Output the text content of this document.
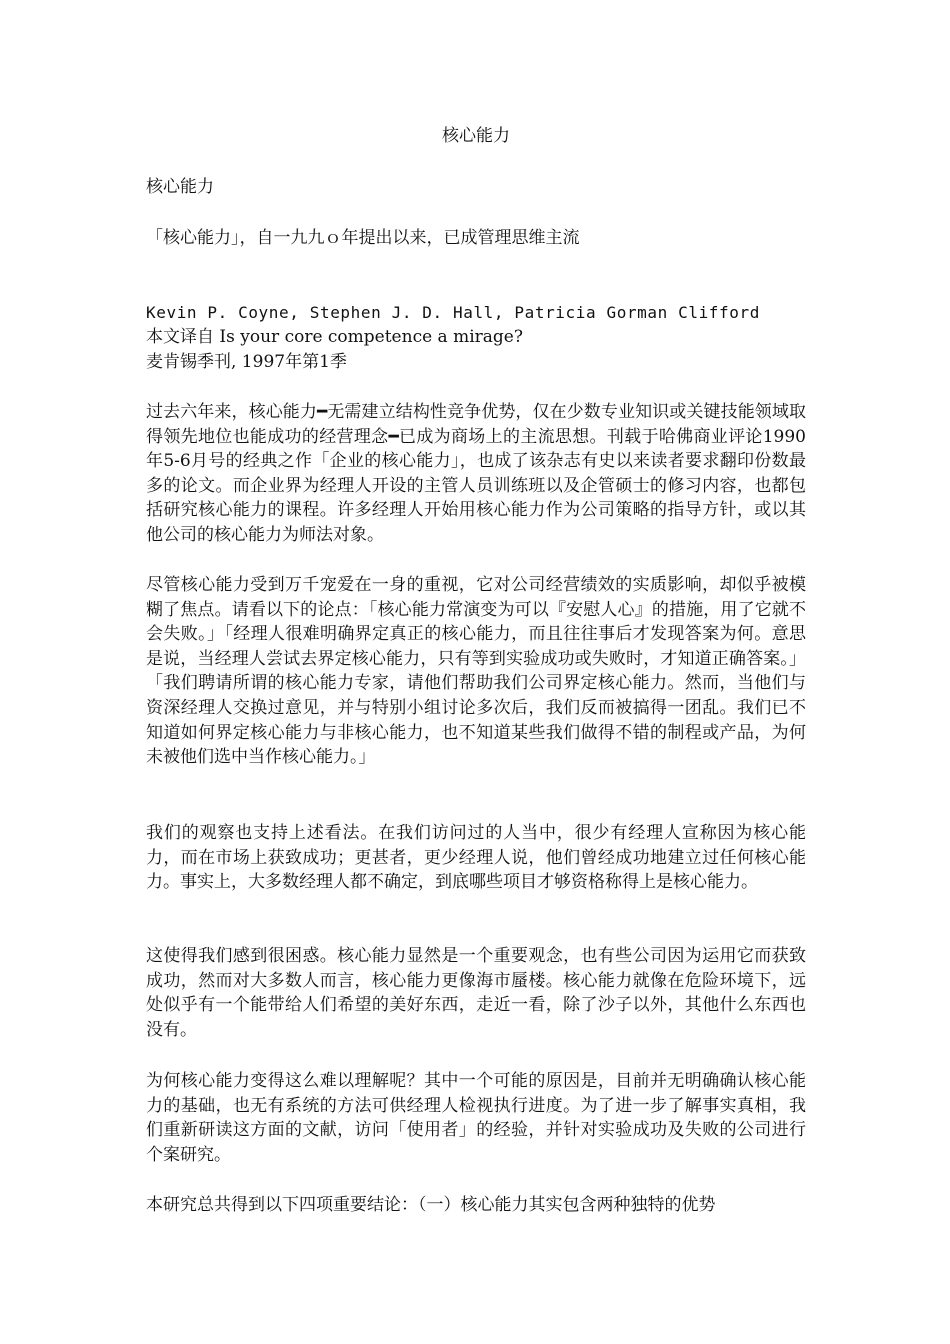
核心能力
核心能力
「核心能力」，自一九九ｏ年提出以来，已成管理思维主流
Kevin P. Coyne, Stephen J. D. Hall, Patricia Gorman Clifford
本文译自 Is your core competence a mirage?
麦肯锡季刊, 1997年第1季
过去六年来，核心能力━无需建立结构性竞争优势，仅在少数专业知识或关键技能领域取得领先地位也能成功的经营理念━已成为商场上的主流思想。刊载于哈佛商业评论1990年5-6月号的经典之作「企业的核心能力」，也成了该杂志有史以来读者要求翻印份数最多的论文。而企业界为经理人开设的主管人员训练班以及企管硕士的修习内容，也都包括研究核心能力的课程。许多经理人开始用核心能力作为公司策略的指导方针，或以其他公司的核心能力为师法对象。
尽管核心能力受到万千宠爱在一身的重视，它对公司经营绩效的实质影响，却似乎被模糊了焦点。请看以下的论点：「核心能力常演变为可以『安慰人心』的措施，用了它就不会失败。」「经理人很难明确界定真正的核心能力，而且往往事后才发现答案为何。意思是说，当经理人尝试去界定核心能力，只有等到实验成功或失败时，才知道正确答案。」「我们聘请所谓的核心能力专家，请他们帮助我们公司界定核心能力。然而，当他们与资深经理人交换过意见，并与特别小组讨论多次后，我们反而被搞得一团乱。我们已不知道如何界定核心能力与非核心能力，也不知道某些我们做得不错的制程或产品，为何未被他们选中当作核心能力。」
我们的观察也支持上述看法。在我们访问过的人当中，很少有经理人宣称因为核心能力，而在市场上获致成功；更甚者，更少经理人说，他们曾经成功地建立过任何核心能力。事实上，大多数经理人都不确定，到底哪些项目才够资格称得上是核心能力。
这使得我们感到很困惑。核心能力显然是一个重要观念，也有些公司因为运用它而获致成功，然而对大多数人而言，核心能力更像海市蜃楼。核心能力就像在危险环境下，远处似乎有一个能带给人们希望的美好东西，走近一看，除了沙子以外，其他什么东西也没有。
为何核心能力变得这么难以理解呢？其中一个可能的原因是，目前并无明确确认核心能力的基础，也无有系统的方法可供经理人检视执行进度。为了进一步了解事实真相，我们重新研读这方面的文献，访问「使用者」的经验，并针对实验成功及失败的公司进行个案研究。
本研究总共得到以下四项重要结论：（一）核心能力其实包含两种独特的优势
